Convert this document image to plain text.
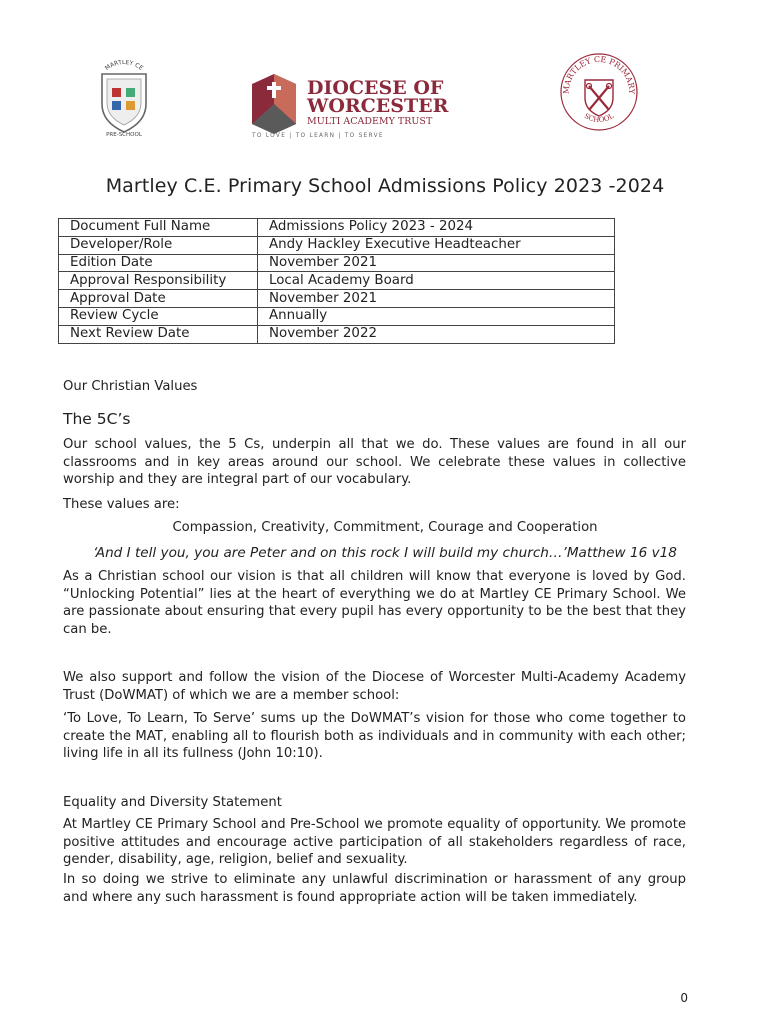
MARTLEY CE
PRE-SCHOOL
DIOCESE OF
WORCESTER
MULTI ACADEMY TRUST
TO LOVE | TO LEARN | TO SERVE
MARTLEY CE PRIMARY
SCHOOL
Martley C.E. Primary School Admissions Policy 2023 -2024
Document Full Name	Admissions Policy 2023 - 2024
Developer/Role	Andy Hackley Executive Headteacher
Edition Date	November 2021
Approval Responsibility	Local Academy Board
Approval Date	November 2021
Review Cycle	Annually
Next Review Date	November 2022
Our Christian Values
The 5C’s
Our school values, the 5 Cs, underpin all that we do. These values are found in all our classrooms and in key areas around our school. We celebrate these values in collective worship and they are integral part of our vocabulary.
These values are:
Compassion, Creativity, Commitment, Courage and Cooperation
‘And I tell you, you are Peter and on this rock I will build my church…’Matthew 16 v18
As a Christian school our vision is that all children will know that everyone is loved by God. “Unlocking Potential” lies at the heart of everything we do at Martley CE Primary School. We are passionate about ensuring that every pupil has every opportunity to be the best that they can be.
We also support and follow the vision of the Diocese of Worcester Multi-Academy Academy Trust (DoWMAT) of which we are a member school:
‘To Love, To Learn, To Serve’ sums up the DoWMAT’s vision for those who come together to create the MAT, enabling all to flourish both as individuals and in community with each other; living life in all its fullness (John 10:10).
Equality and Diversity Statement
At Martley CE Primary School and Pre-School we promote equality of opportunity. We promote positive attitudes and encourage active participation of all stakeholders regardless of race, gender, disability, age, religion, belief and sexuality.
In so doing we strive to eliminate any unlawful discrimination or harassment of any group and where any such harassment is found appropriate action will be taken immediately.
0
